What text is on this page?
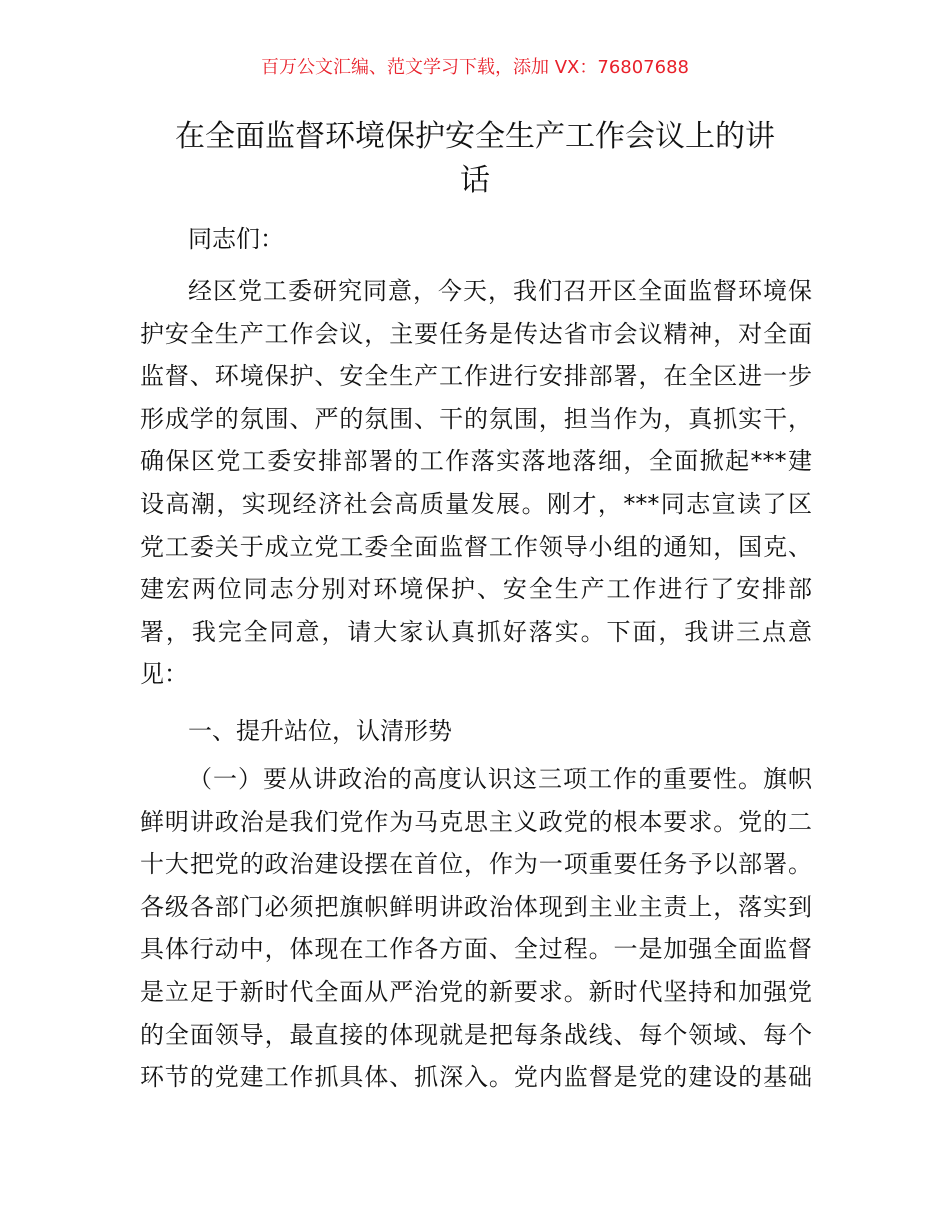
百万公文汇编、范文学习下载，添加 VX：76807688
在全面监督环境保护安全生产工作会议上的讲
话
同志们：
经区党工委研究同意，今天，我们召开区全面监督环境保
护安全生产工作会议，主要任务是传达省市会议精神，对全面
监督、环境保护、安全生产工作进行安排部署，在全区进一步
形成学的氛围、严的氛围、干的氛围，担当作为，真抓实干，
确保区党工委安排部署的工作落实落地落细，全面掀起***建
设高潮，实现经济社会高质量发展。刚才，***同志宣读了区
党工委关于成立党工委全面监督工作领导小组的通知，国克、
建宏两位同志分别对环境保护、安全生产工作进行了安排部
署，我完全同意，请大家认真抓好落实。下面，我讲三点意
见：
一、提升站位，认清形势
（一）要从讲政治的高度认识这三项工作的重要性。旗帜
鲜明讲政治是我们党作为马克思主义政党的根本要求。党的二
十大把党的政治建设摆在首位，作为一项重要任务予以部署。
各级各部门必须把旗帜鲜明讲政治体现到主业主责上，落实到
具体行动中，体现在工作各方面、全过程。一是加强全面监督
是立足于新时代全面从严治党的新要求。新时代坚持和加强党
的全面领导，最直接的体现就是把每条战线、每个领域、每个
环节的党建工作抓具体、抓深入。党内监督是党的建设的基础
